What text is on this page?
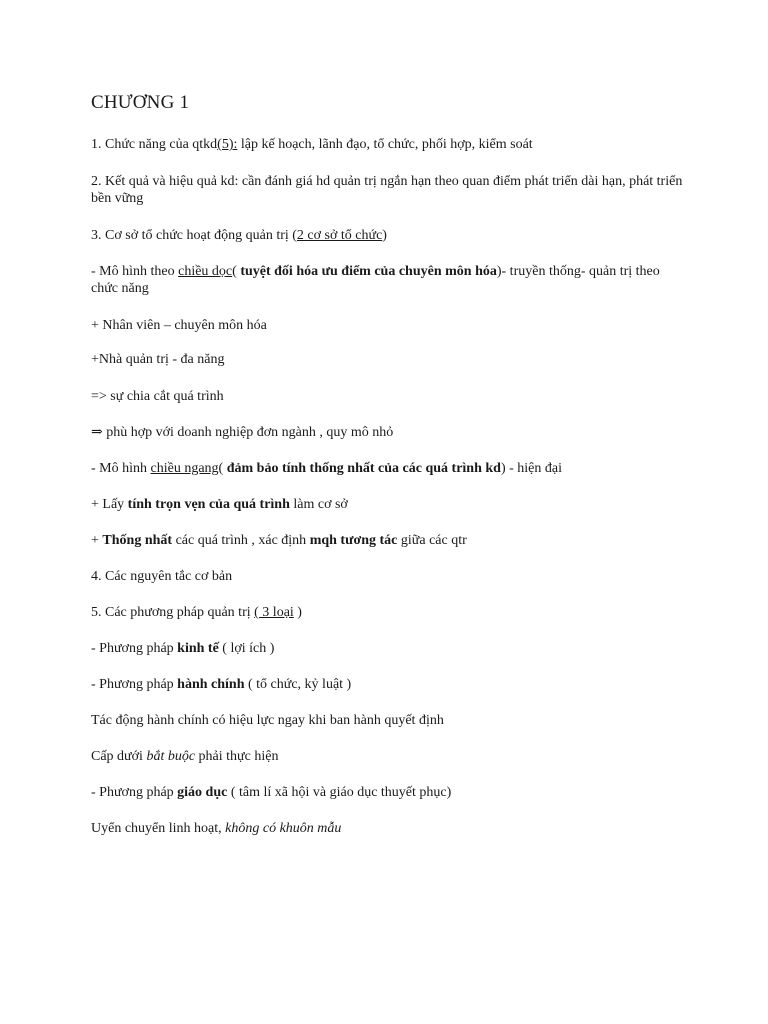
CHƯƠNG 1
1. Chức năng của qtkd(5): lập kế hoạch, lãnh đạo, tổ chức, phối hợp, kiểm soát
2. Kết quả và hiệu quả kd: cần đánh giá hd quản trị ngắn hạn theo quan điểm phát triển dài hạn, phát triển bền vững
3. Cơ sở tổ chức hoạt động quản trị (2 cơ sở tổ chức)
- Mô hình theo chiều dọc( tuyệt đối hóa ưu điểm của chuyên môn hóa)- truyền thống- quản trị theo chức năng
+ Nhân viên – chuyên môn hóa
+Nhà quản trị - đa năng
=> sự chia cắt quá trình
⇒ phù hợp với doanh nghiệp đơn ngành , quy mô nhỏ
- Mô hình chiều ngang( đảm bảo tính thống nhất của các quá trình kd) - hiện đại
+ Lấy tính trọn vẹn của quá trình làm cơ sở
+ Thống nhất các quá trình , xác định mqh tương tác giữa các qtr
4. Các nguyên tắc cơ bản
5. Các phương pháp quản trị ( 3 loại )
- Phương pháp kinh tế ( lợi ích )
- Phương pháp hành chính ( tổ chức, kỷ luật )
Tác động hành chính có hiệu lực ngay khi ban hành quyết định
Cấp dưới bắt buộc phải thực hiện
- Phương pháp giáo dục ( tâm lí xã hội và giáo dục thuyết phục)
Uyển chuyển linh hoạt, không có khuôn mẫu
